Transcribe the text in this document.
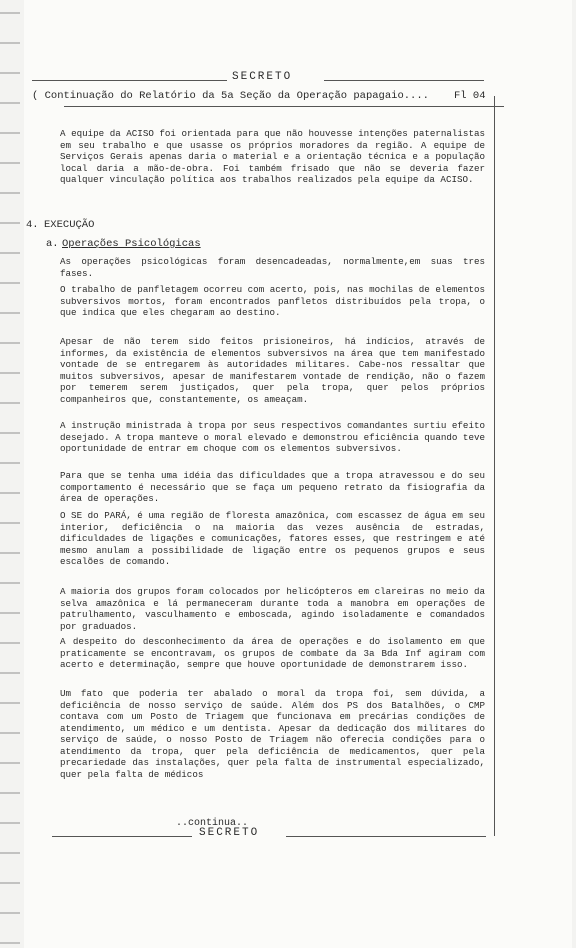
SECRETO
( Continuação do Relatório da 5a Seção da Operação papagaio.... Fl 04

A equipe da ACISO foi orientada para que não houvesse intenções paternalistas em seu trabalho e que usasse os próprios moradores da região. A equipe de Serviços Gerais apenas daria o material e a orientação técnica e a população local daria a mão-de-obra. Foi também frisado que não se deveria fazer qualquer vinculação política aos trabalhos realizados pela equipe da ACISO.

4. EXECUÇÃO
a. Operações Psicológicas

As operações psicológicas foram desencadeadas, normalmente,em suas tres fases.

O trabalho de panfletagem ocorreu com acerto, pois, nas mochilas de elementos subversivos mortos, foram encontrados panfletos distribuídos pela tropa, o que indica que eles chegaram ao destino.

Apesar de não terem sido feitos prisioneiros, há indícios, através de informes, da existência de elementos subversivos na área que tem manifestado vontade de se entregarem às autoridades militares. Cabe-nos ressaltar que muitos subversivos, apesar de manifestarem vontade de rendição, não o fazem por temerem serem justiçados, quer pela tropa, quer pelos próprios companheiros que, constantemente, os ameaçam.

A instrução ministrada à tropa por seus respectivos comandantes surtiu efeito desejado. A tropa manteve o moral elevado e demonstrou eficiência quando teve oportunidade de entrar em choque com os elementos subversivos.

Para que se tenha uma idéia das dificuldades que a tropa atravessou e do seu comportamento é necessário que se faça um pequeno retrato da fisiografia da área de operações.

O SE do PARÁ, é uma região de floresta amazônica, com escassez de água em seu interior, deficiência o na maioria das vezes ausência de estradas, dificuldades de ligações e comunicações, fatores esses, que restringem e até mesmo anulam a possibilidade de ligação entre os pequenos grupos e seus escalões de comando.

A maioria dos grupos foram colocados por helicópteros em clareiras no meio da selva amazônica e lá permaneceram durante toda a manobra em operações de patrulhamento, vasculhamento e emboscada, agindo isoladamente e comandados por graduados.

A despeito do desconhecimento da área de operações e do isolamento em que praticamente se encontravam, os grupos de combate da 3a Bda Inf agiram com acerto e determinação, sempre que houve oportunidade de demonstrarem isso.

Um fato que poderia ter abalado o moral da tropa foi, sem dúvida, a deficiência de nosso serviço de saúde. Além dos PS dos Batalhões, o CMP contava com um Posto de Triagem que funcionava em precárias condições de atendimento, um médico e um dentista. Apesar da dedicação dos militares do serviço de saúde, o nosso Posto de Triagem não oferecia condições para o atendimento da tropa, quer pela deficiência de medicamentos, quer pela precariedade das instalações, quer pela falta de instrumental especializado, quer pela falta de médicos

..continua..
SECRETO
